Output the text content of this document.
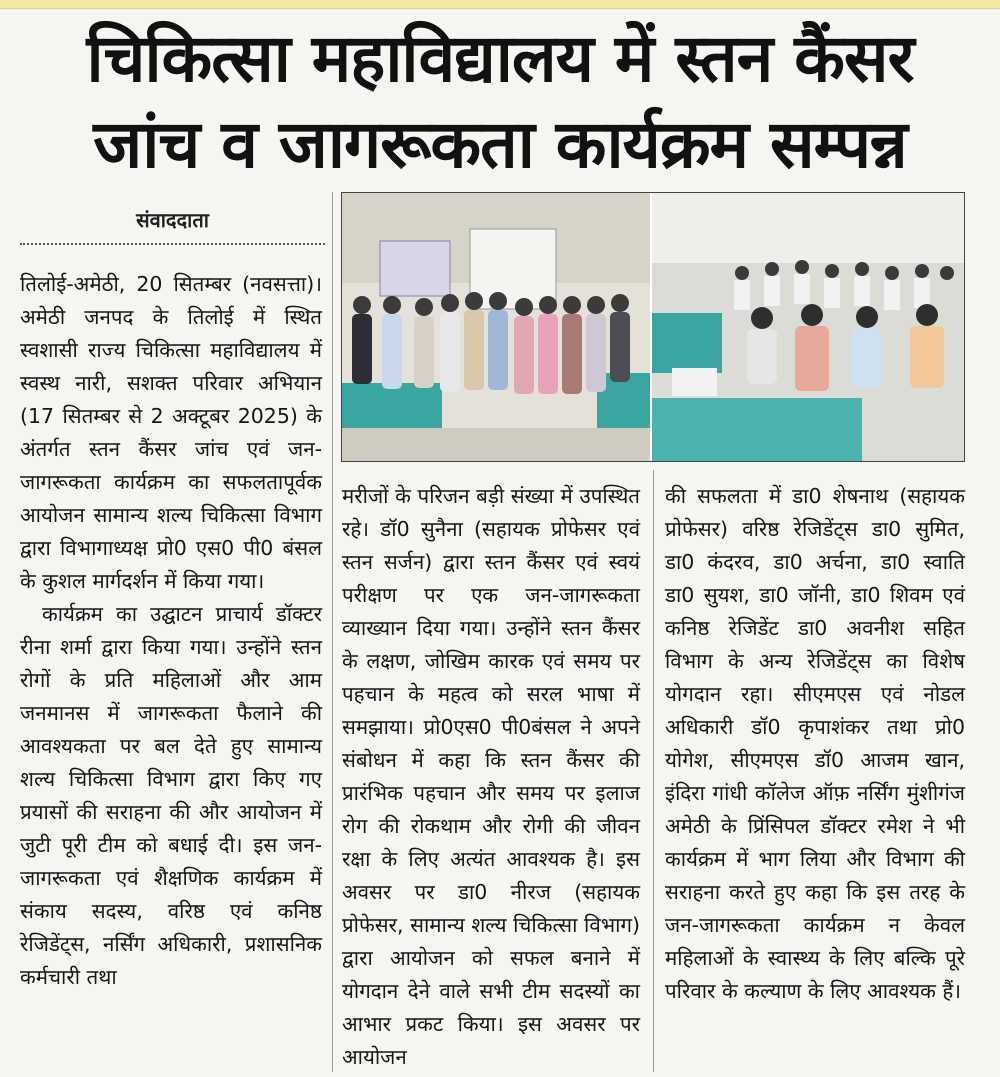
चिकित्सा महाविद्यालय में स्तन कैंसर
जांच व जागरूकता कार्यक्रम सम्पन्न
संवाददाता

तिलोई-अमेठी, 20 सितम्बर (नवसत्ता)। अमेठी जनपद के तिलोई में स्थित स्वशासी राज्य चिकित्सा महाविद्यालय में स्वस्थ नारी, सशक्त परिवार अभियान (17 सितम्बर से 2 अक्टूबर 2025) के अंतर्गत स्तन कैंसर जांच एवं जन-जागरूकता कार्यक्रम का सफलतापूर्वक आयोजन सामान्य शल्य चिकित्सा विभाग द्वारा विभागाध्यक्ष प्रो0 एस0 पी0 बंसल के कुशल मार्गदर्शन में किया गया।

कार्यक्रम का उद्घाटन प्राचार्य डॉक्टर रीना शर्मा द्वारा किया गया। उन्होंने स्तन रोगों के प्रति महिलाओं और आम जनमानस में जागरूकता फैलाने की आवश्यकता पर बल देते हुए सामान्य शल्य चिकित्सा विभाग द्वारा किए गए प्रयासों की सराहना की और आयोजन में जुटी पूरी टीम को बधाई दी। इस जन-जागरूकता एवं शैक्षणिक कार्यक्रम में संकाय सदस्य, वरिष्ठ एवं कनिष्ठ रेजिडेंट्स, नर्सिंग अधिकारी, प्रशासनिक कर्मचारी तथा

मरीजों के परिजन बड़ी संख्या में उपस्थित रहे। डॉ0 सुनैना (सहायक प्रोफेसर एवं स्तन सर्जन) द्वारा स्तन कैंसर एवं स्वयं परीक्षण पर एक जन-जागरूकता व्याख्यान दिया गया। उन्होंने स्तन कैंसर के लक्षण, जोखिम कारक एवं समय पर पहचान के महत्व को सरल भाषा में समझाया। प्रो0एस0 पी0बंसल ने अपने संबोधन में कहा कि स्तन कैंसर की प्रारंभिक पहचान और समय पर इलाज रोग की रोकथाम और रोगी की जीवन रक्षा के लिए अत्यंत आवश्यक है। इस अवसर पर डा0 नीरज (सहायक प्रोफेसर, सामान्य शल्य चिकित्सा विभाग) द्वारा आयोजन को सफल बनाने में योगदान देने वाले सभी टीम सदस्यों का आभार प्रकट किया। इस अवसर पर आयोजन

की सफलता में डा0 शेषनाथ (सहायक प्रोफेसर) वरिष्ठ रेजिडेंट्स डा0 सुमित, डा0 कंदरव, डा0 अर्चना, डा0 स्वाति डा0 सुयश, डा0 जॉनी, डा0 शिवम एवं कनिष्ठ रेजिडेंट डा0 अवनीश सहित विभाग के अन्य रेजिडेंट्स का विशेष योगदान रहा। सीएमएस एवं नोडल अधिकारी डॉ0 कृपाशंकर तथा प्रो0 योगेश, सीएमएस डॉ0 आजम खान, इंदिरा गांधी कॉलेज ऑफ़ नर्सिंग मुंशीगंज अमेठी के प्रिंसिपल डॉक्टर रमेश ने भी कार्यक्रम में भाग लिया और विभाग की सराहना करते हुए कहा कि इस तरह के जन-जागरूकता कार्यक्रम न केवल महिलाओं के स्वास्थ्य के लिए बल्कि पूरे परिवार के कल्याण के लिए आवश्यक हैं।
